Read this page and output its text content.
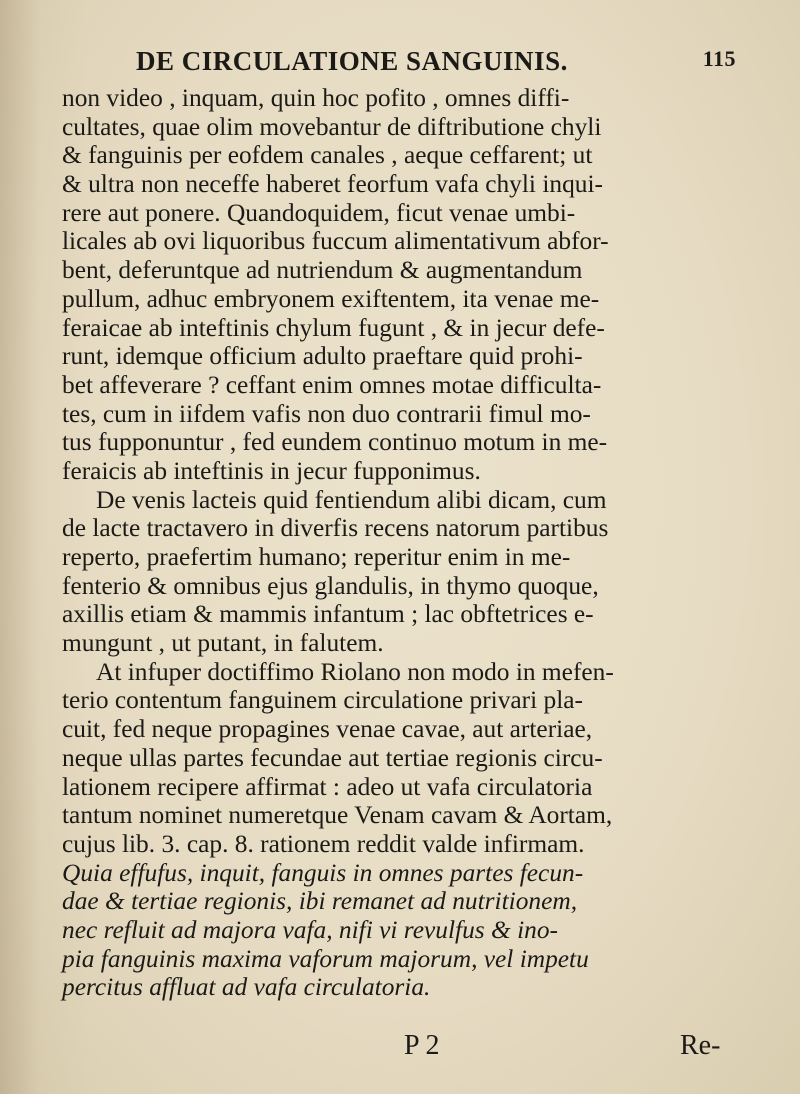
DE CIRCULATIONE SANGUINIS.	115
non video , inquam, quin hoc pofito , omnes diffi-
cultates, quae olim movebantur de diftributione chyli
& fanguinis per eofdem canales , aeque ceffarent; ut
& ultra non neceffe haberet feorfum vafa chyli inqui-
rere aut ponere. Quandoquidem, ficut venae umbi-
licales ab ovi liquoribus fuccum alimentativum abfor-
bent, deferuntque ad nutriendum & augmentandum
pullum, adhuc embryonem exiftentem, ita venae me-
feraicae ab inteftinis chylum fugunt , & in jecur defe-
runt, idemque officium adulto praeftare quid prohi-
bet affeverare ? ceffant enim omnes motae difficulta-
tes, cum in iifdem vafis non duo contrarii fimul mo-
tus fupponuntur , fed eundem continuo motum in me-
feraicis ab inteftinis in jecur fupponimus.
De venis lacteis quid fentiendum alibi dicam, cum
de lacte tractavero in diverfis recens natorum partibus
reperto, praefertim humano; reperitur enim in me-
fenterio & omnibus ejus glandulis, in thymo quoque,
axillis etiam & mammis infantum ; lac obftetrices e-
mungunt , ut putant, in falutem.
At infuper doctiffimo Riolano non modo in mefen-
terio contentum fanguinem circulatione privari pla-
cuit, fed neque propagines venae cavae, aut arteriae,
neque ullas partes fecundae aut tertiae regionis circu-
lationem recipere affirmat : adeo ut vafa circulatoria
tantum nominet numeretque Venam cavam & Aortam,
cujus lib. 3. cap. 8. rationem reddit valde infirmam.
Quia effufus, inquit, fanguis in omnes partes fecun-
dae & tertiae regionis, ibi remanet ad nutritionem,
nec refluit ad majora vafa, nifi vi revulfus & ino-
pia fanguinis maxima vaforum majorum, vel impetu
percitus affluat ad vafa circulatoria.
P 2	Re-
